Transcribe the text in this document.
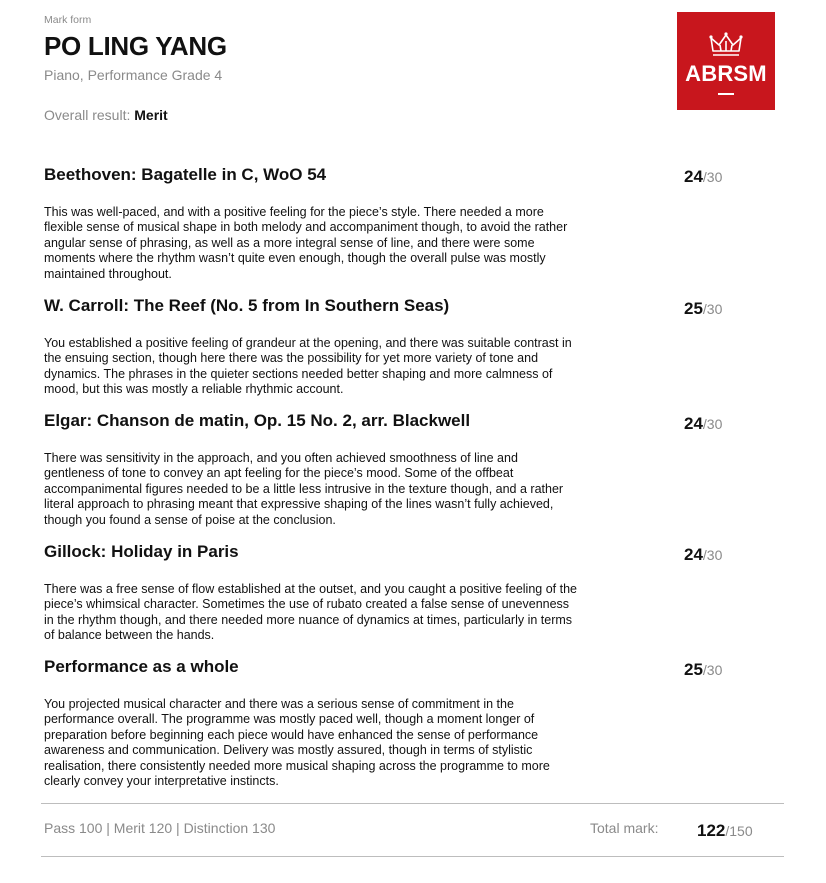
Mark form
PO LING YANG
Piano, Performance Grade 4
Overall result: Merit
ABRSM
Beethoven: Bagatelle in C, WoO 54	24/30

This was well-paced, and with a positive feeling for the piece’s style. There needed a more flexible sense of musical shape in both melody and accompaniment though, to avoid the rather angular sense of phrasing, as well as a more integral sense of line, and there were some moments where the rhythm wasn’t quite even enough, though the overall pulse was mostly maintained throughout.

W. Carroll: The Reef (No. 5 from In Southern Seas)	25/30

You established a positive feeling of grandeur at the opening, and there was suitable contrast in the ensuing section, though here there was the possibility for yet more variety of tone and dynamics. The phrases in the quieter sections needed better shaping and more calmness of mood, but this was mostly a reliable rhythmic account.

Elgar: Chanson de matin, Op. 15 No. 2, arr. Blackwell	24/30

There was sensitivity in the approach, and you often achieved smoothness of line and gentleness of tone to convey an apt feeling for the piece’s mood. Some of the offbeat accompanimental figures needed to be a little less intrusive in the texture though, and a rather literal approach to phrasing meant that expressive shaping of the lines wasn’t fully achieved, though you found a sense of poise at the conclusion.

Gillock: Holiday in Paris	24/30

There was a free sense of flow established at the outset, and you caught a positive feeling of the piece’s whimsical character. Sometimes the use of rubato created a false sense of unevenness in the rhythm though, and there needed more nuance of dynamics at times, particularly in terms of balance between the hands.

Performance as a whole	25/30

You projected musical character and there was a serious sense of commitment in the performance overall. The programme was mostly paced well, though a moment longer of preparation before beginning each piece would have enhanced the sense of performance awareness and communication. Delivery was mostly assured, though in terms of stylistic realisation, there consistently needed more musical shaping across the programme to more clearly convey your interpretative instincts.

Pass 100 | Merit 120 | Distinction 130	Total mark: 122/150
